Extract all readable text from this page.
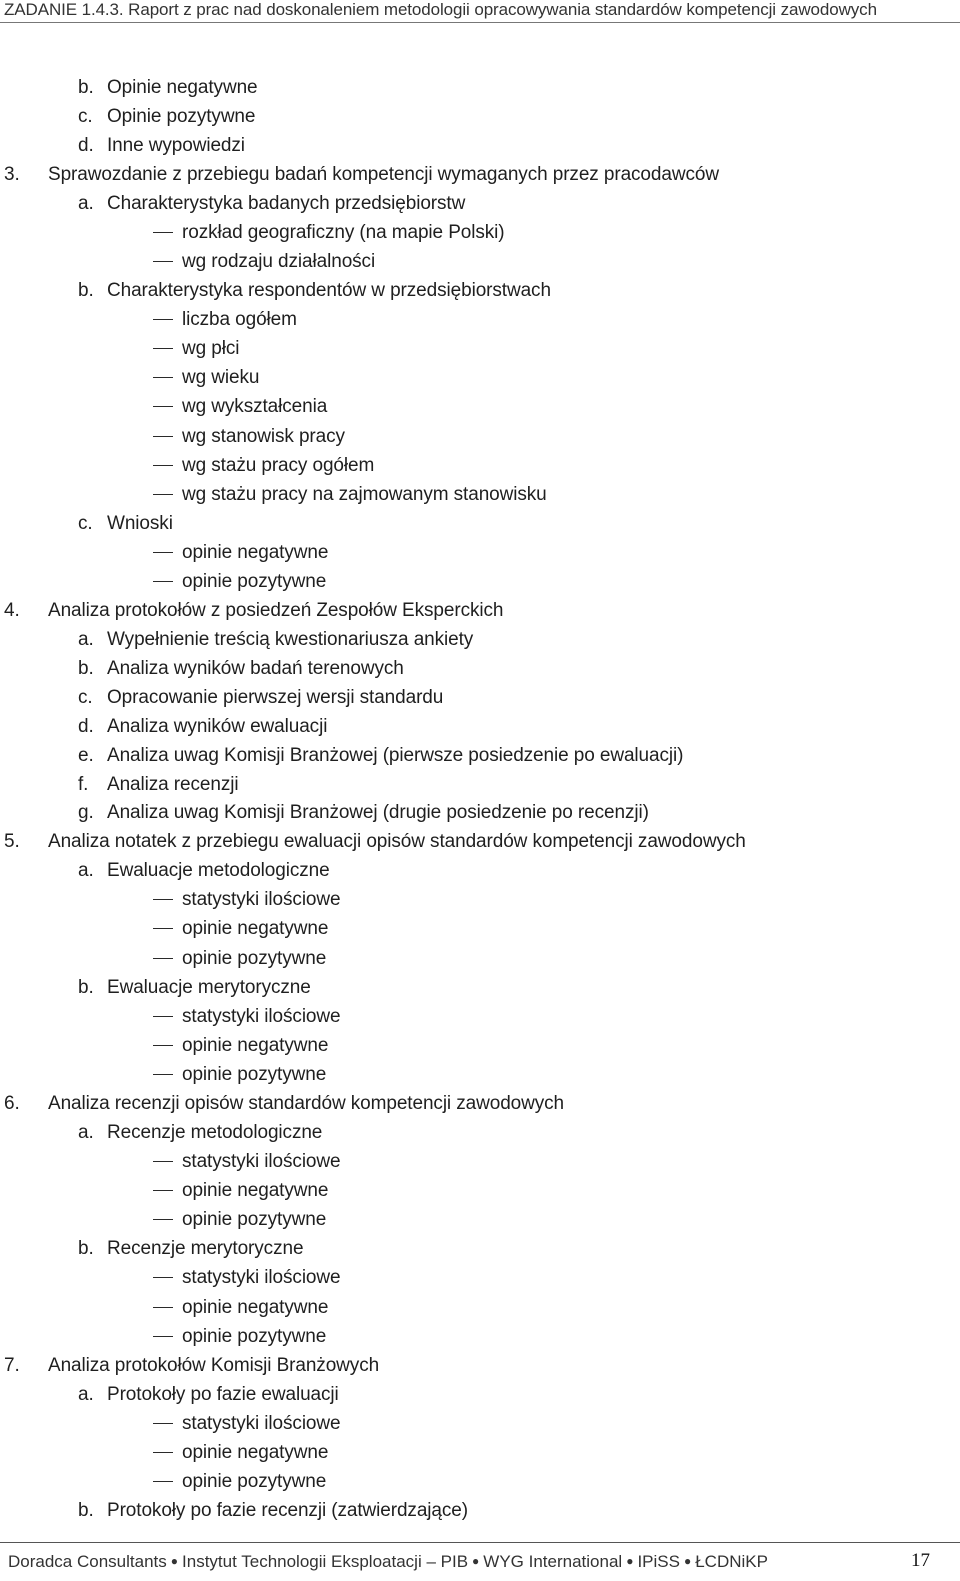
ZADANIE 1.4.3. Raport z prac nad doskonaleniem metodologii opracowywania standardów kompetencji zawodowych
b. Opinie negatywne
c. Opinie pozytywne
d. Inne wypowiedzi
3. Sprawozdanie z przebiegu badań kompetencji wymaganych przez pracodawców
a. Charakterystyka badanych przedsiębiorstw
rozkład geograficzny (na mapie Polski)
wg rodzaju działalności
b. Charakterystyka respondentów w przedsiębiorstwach
liczba ogółem
wg płci
wg wieku
wg wykształcenia
wg stanowisk pracy
wg stażu pracy ogółem
wg stażu pracy na zajmowanym stanowisku
c. Wnioski
opinie negatywne
opinie pozytywne
4. Analiza protokołów z posiedzeń Zespołów Eksperckich
a. Wypełnienie treścią kwestionariusza ankiety
b. Analiza wyników badań terenowych
c. Opracowanie pierwszej wersji standardu
d. Analiza wyników ewaluacji
e. Analiza uwag Komisji Branżowej (pierwsze posiedzenie po ewaluacji)
f. Analiza recenzji
g. Analiza uwag Komisji Branżowej (drugie posiedzenie po recenzji)
5. Analiza notatek z przebiegu ewaluacji opisów standardów kompetencji zawodowych
a. Ewaluacje metodologiczne
statystyki ilościowe
opinie negatywne
opinie pozytywne
b. Ewaluacje merytoryczne
statystyki ilościowe
opinie negatywne
opinie pozytywne
6. Analiza recenzji opisów standardów kompetencji zawodowych
a. Recenzje metodologiczne
statystyki ilościowe
opinie negatywne
opinie pozytywne
b. Recenzje merytoryczne
statystyki ilościowe
opinie negatywne
opinie pozytywne
7. Analiza protokołów Komisji Branżowych
a. Protokoły po fazie ewaluacji
statystyki ilościowe
opinie negatywne
opinie pozytywne
b. Protokoły po fazie recenzji (zatwierdzające)
Doradca Consultants ● Instytut Technologii Eksploatacji – PIB ● WYG International ● IPiSS ● ŁCDNiKP	17
